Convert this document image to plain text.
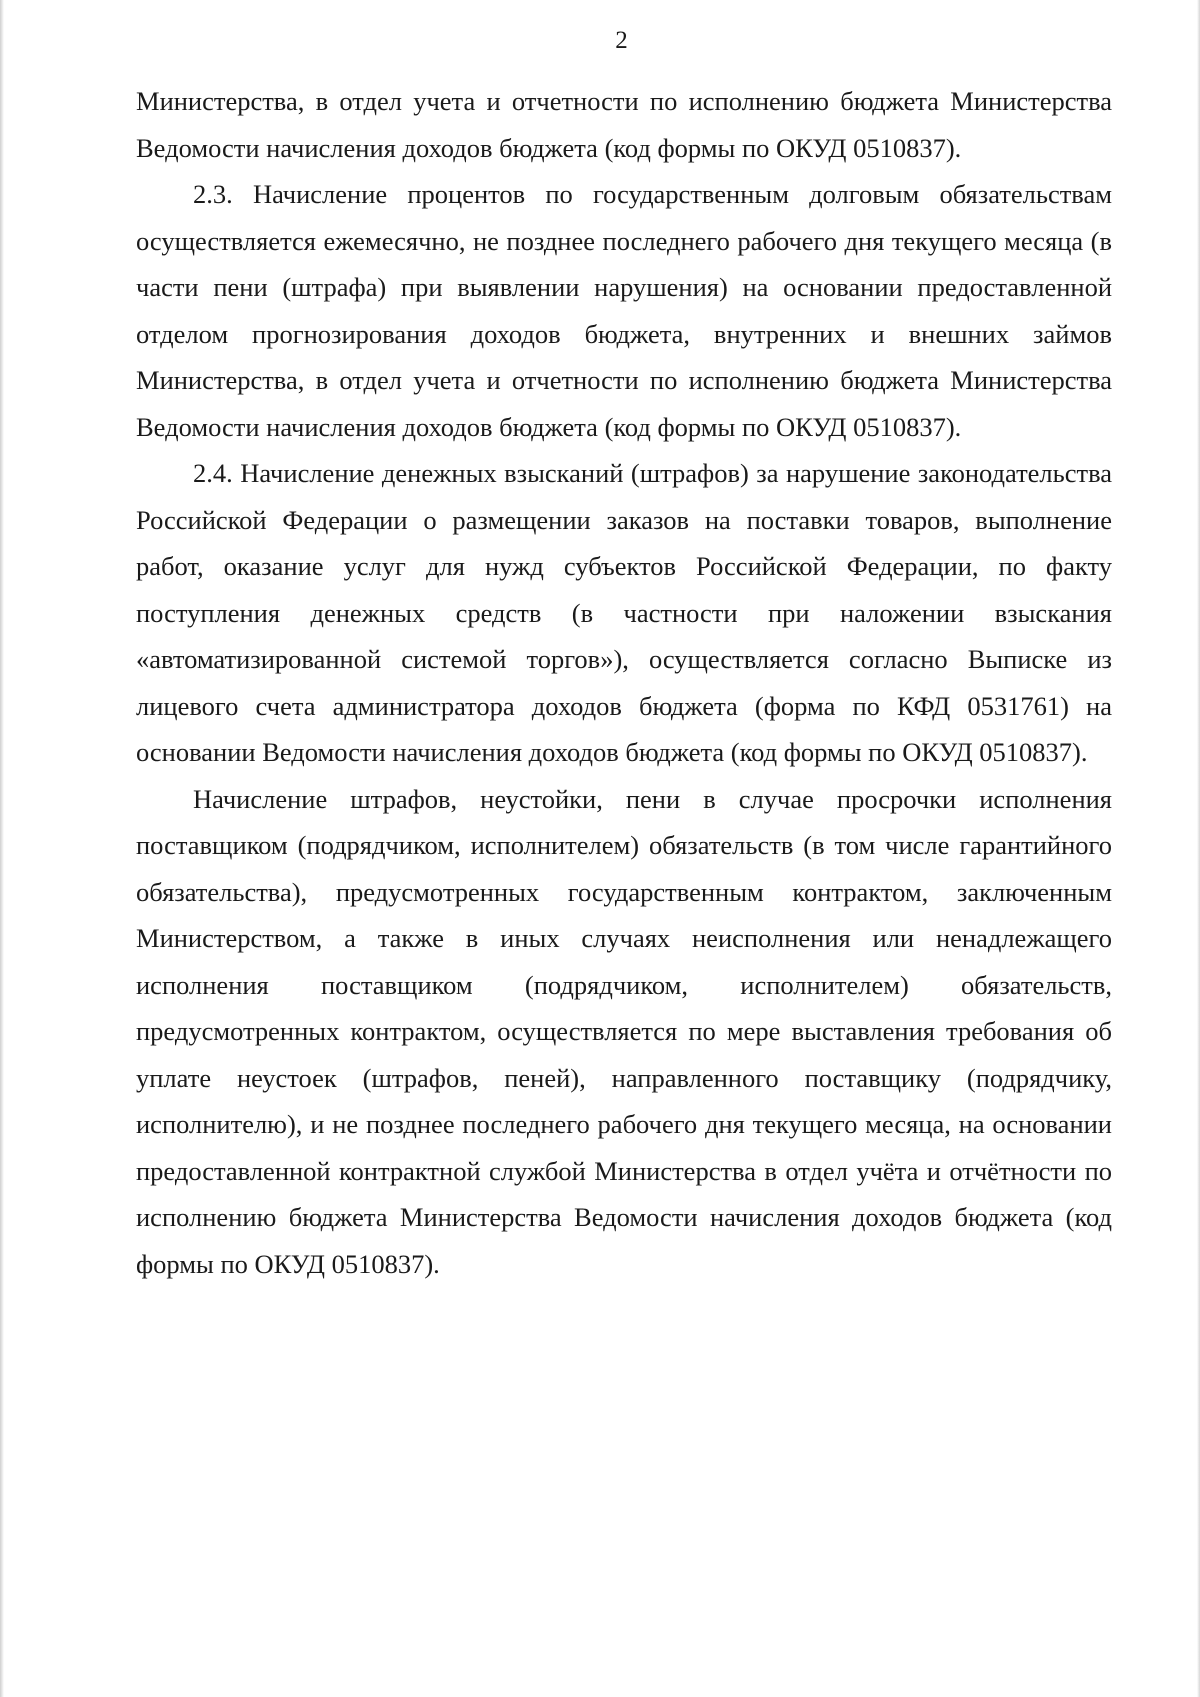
2

Министерства, в отдел учета и отчетности по исполнению бюджета Министерства Ведомости начисления доходов бюджета (код формы по ОКУД 0510837).

2.3. Начисление процентов по государственным долговым обязательствам осуществляется ежемесячно, не позднее последнего рабочего дня текущего месяца (в части пени (штрафа) при выявлении нарушения) на основании предоставленной отделом прогнозирования доходов бюджета, внутренних и внешних займов Министерства, в отдел учета и отчетности по исполнению бюджета Министерства Ведомости начисления доходов бюджета (код формы по ОКУД 0510837).

2.4. Начисление денежных взысканий (штрафов) за нарушение законодательства Российской Федерации о размещении заказов на поставки товаров, выполнение работ, оказание услуг для нужд субъектов Российской Федерации, по факту поступления денежных средств (в частности при наложении взыскания «автоматизированной системой торгов»), осуществляется согласно Выписке из лицевого счета администратора доходов бюджета (форма по КФД 0531761) на основании Ведомости начисления доходов бюджета (код формы по ОКУД 0510837).

Начисление штрафов, неустойки, пени в случае просрочки исполнения поставщиком (подрядчиком, исполнителем) обязательств (в том числе гарантийного обязательства), предусмотренных государственным контрактом, заключенным Министерством, а также в иных случаях неисполнения или ненадлежащего исполнения поставщиком (подрядчиком, исполнителем) обязательств, предусмотренных контрактом, осуществляется по мере выставления требования об уплате неустоек (штрафов, пеней), направленного поставщику (подрядчику, исполнителю), и не позднее последнего рабочего дня текущего месяца, на основании предоставленной контрактной службой Министерства в отдел учёта и отчётности по исполнению бюджета Министерства Ведомости начисления доходов бюджета (код формы по ОКУД 0510837).
